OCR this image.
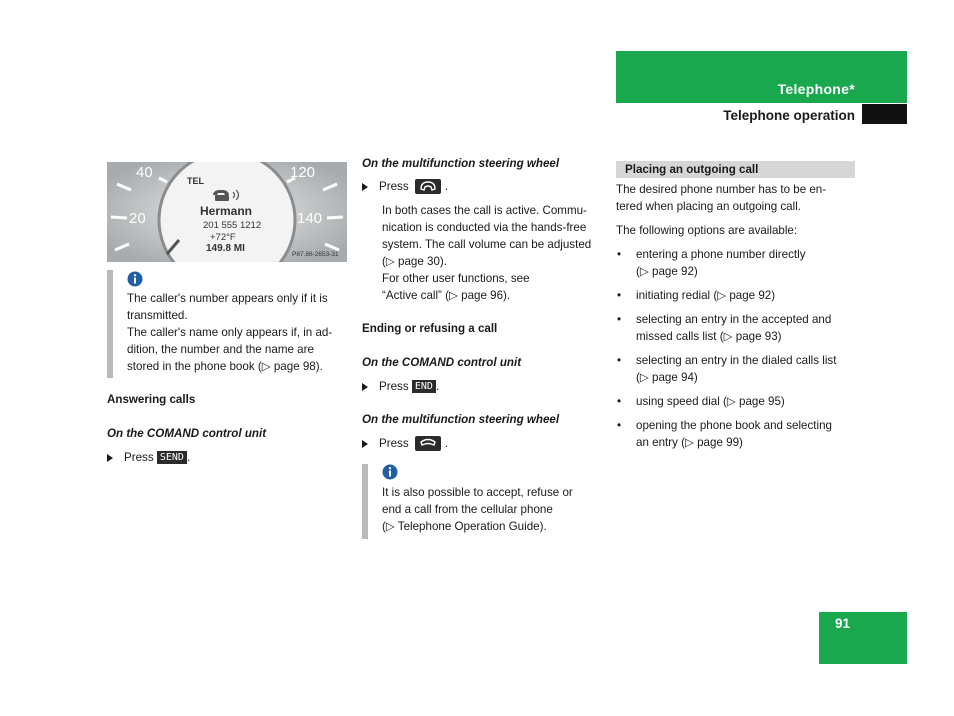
Telephone*
Telephone operation
40
20
120
140
TEL
Hermann
201 555 1212
+72°F
149.8 MI
P87.86-2653-31

The caller's number appears only if it is

transmitted.

The caller's name only appears if, in ad-

dition, the number and the name are

stored in the phone book (▷ page 98).

Answering calls
On the COMAND control unit
Press SEND .
On the multifunction steering wheel
Press	.

In both cases the call is active. Commu-

nication is conducted via the hands-free

system. The call volume can be adjusted

(▷ page 30).

For other user functions, see

“Active call” (▷ page 96).

Ending or refusing a call
On the COMAND control unit
Press END .
On the multifunction steering wheel
Press	.

It is also possible to accept, refuse or

end a call from the cellular phone

(▷ Telephone Operation Guide).

Placing an outgoing call

The desired phone number has to be en-

tered when placing an outgoing call.

The following options are available:
• entering a phone number directly
(▷ page 92)
• initiating redial (▷ page 92)
• selecting an entry in the accepted and
missed calls list (▷ page 93)
• selecting an entry in the dialed calls list
(▷ page 94)
• using speed dial (▷ page 95)
• opening the phone book and selecting
an entry (▷ page 99)
91
